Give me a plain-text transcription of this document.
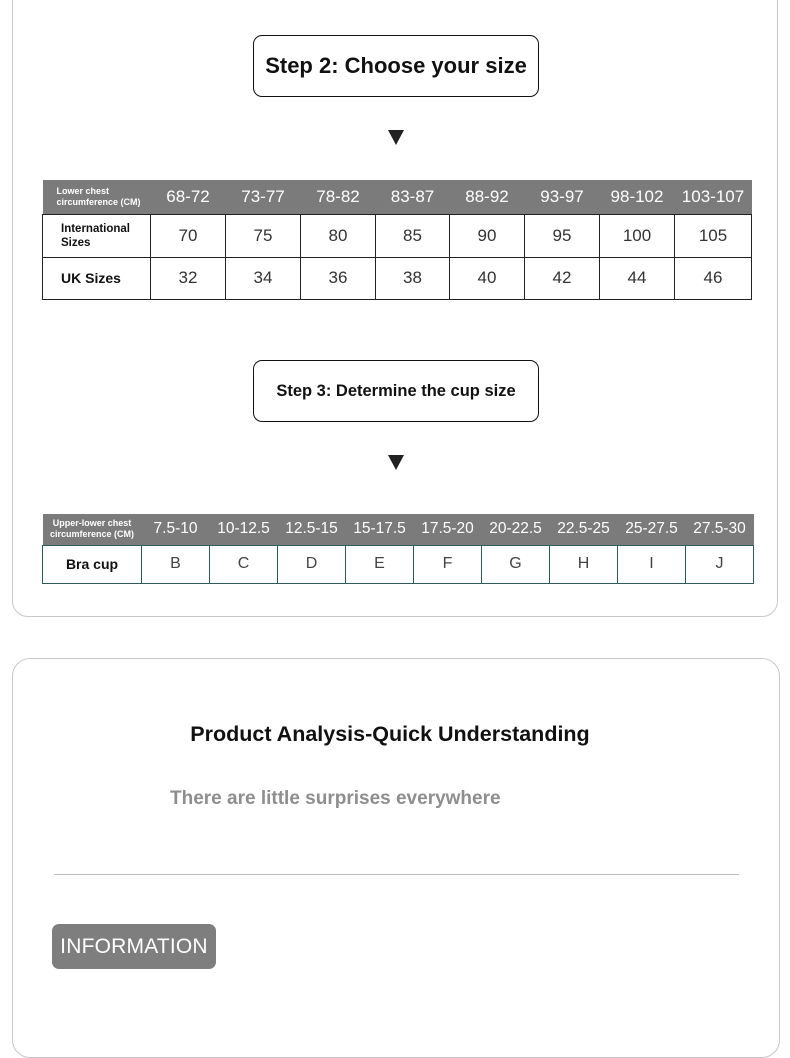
Step 2: Choose your size
Lower chest circumference (CM)	68-72	73-77	78-82	83-87	88-92	93-97	98-102	103-107
International Sizes	70	75	80	85	90	95	100	105
UK Sizes	32	34	36	38	40	42	44	46
Step 3: Determine the cup size
Upper-lower chest circumference (CM)	7.5-10	10-12.5	12.5-15	15-17.5	17.5-20	20-22.5	22.5-25	25-27.5	27.5-30
Bra cup	B	C	D	E	F	G	H	I	J
Product Analysis-Quick Understanding
There are little surprises everywhere
INFORMATION
